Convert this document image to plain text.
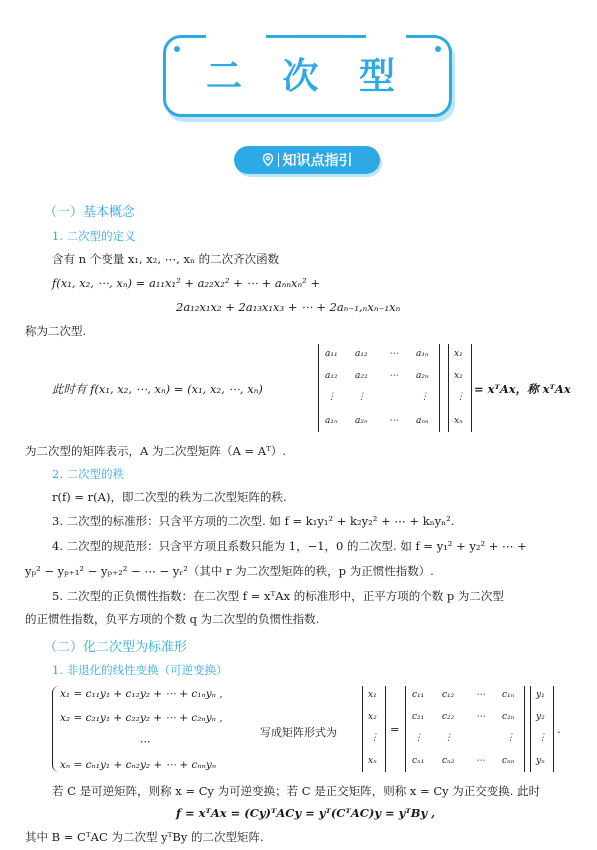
二 次 型
知识点指引
（一）基本概念
1. 二次型的定义
含有 n 个变量 x₁, x₂, ⋯, xₙ 的二次齐次函数
f(x₁, x₂, ⋯, xₙ) = a₁₁x₁² + a₂₂x₂² + ⋯ + aₙₙxₙ² +
2a₁₂x₁x₂ + 2a₁₃x₁x₃ + ⋯ + 2aₙ₋₁,ₙxₙ₋₁xₙ
称为二次型.
此时有 f(x₁, x₂, ⋯, xₙ) = (x₁, x₂, ⋯, xₙ)
a₁₁ a₁₂ ⋯ a₁ₙ
a₁₂ a₂₂ ⋯ a₂ₙ
⋮ ⋮	⋮
a₁ₙ a₂ₙ ⋯ aₙₙ
x₁
x₂
⋮
xₙ
= xᵀAx，称 xᵀAx
为二次型的矩阵表示，A 为二次型矩阵（A = Aᵀ）.
2. 二次型的秩
r(f) = r(A)，即二次型的秩为二次型矩阵的秩.
3. 二次型的标准形：只含平方项的二次型. 如 f = k₁y₁² + k₂y₂² + ⋯ + kₙyₙ².
4. 二次型的规范形：只含平方项且系数只能为 1，−1，0 的二次型. 如 f = y₁² + y₂² + ⋯ +
yₚ² − yₚ₊₁² − yₚ₊₂² − ⋯ − yᵣ²（其中 r 为二次型矩阵的秩，p 为正惯性指数）.
5. 二次型的正负惯性指数：在二次型 f = xᵀAx 的标准形中，正平方项的个数 p 为二次型
的正惯性指数，负平方项的个数 q 为二次型的负惯性指数.
（二）化二次型为标准形
1. 非退化的线性变换（可逆变换）
x₁ = c₁₁y₁ + c₁₂y₂ + ⋯ + c₁ₙyₙ ,
x₂ = c₂₁y₁ + c₂₂y₂ + ⋯ + c₂ₙyₙ ,
⋯
xₙ = cₙ₁y₁ + cₙ₂y₂ + ⋯ + cₙₙyₙ
写成矩阵形式为
x₁
x₂
⋮
xₙ
=
c₁₁ c₁₂ ⋯ c₁ₙ
c₂₁ c₂₂ ⋯ c₂ₙ
⋮ ⋮	⋮
cₙ₁ cₙ₂ ⋯ cₙₙ
y₁
y₂
⋮
yₙ
.
若 C 是可逆矩阵，则称 x = Cy 为可逆变换；若 C 是正交矩阵，则称 x = Cy 为正交变换. 此时
f = xᵀAx = (Cy)ᵀACy = yᵀ(CᵀAC)y = yᵀBy ,
其中 B = CᵀAC 为二次型 yᵀBy 的二次型矩阵.
